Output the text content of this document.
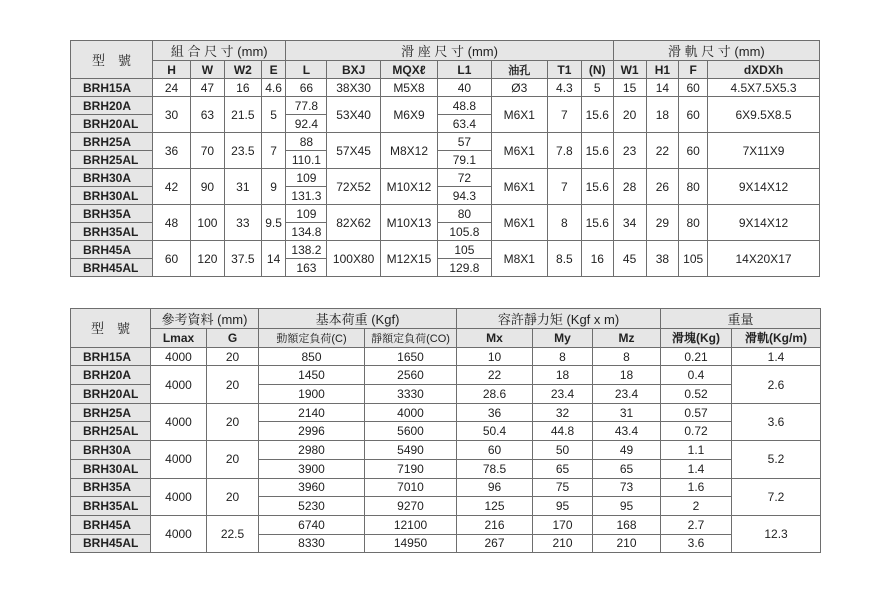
型　號	組 合 尺 寸 (mm)				滑 座 尺 寸 (mm)							滑 軌 尺 寸 (mm)			
	H	W	W2	E	L	BXJ	MQXℓ	L1	油孔	T1	(N)	W1	H1	F	dXDXh
BRH15A	24	47	16	4.6	66	38X30	M5X8	40	Ø3	4.3	5	15	14	60	4.5X7.5X5.3
BRH20A	30	63	21.5	5	77.8	53X40	M6X9	48.8	M6X1	7	15.6	20	18	60	6X9.5X8.5
BRH20AL					92.4			63.4							
BRH25A	36	70	23.5	7	88	57X45	M8X12	57	M6X1	7.8	15.6	23	22	60	7X11X9
BRH25AL					110.1			79.1							
BRH30A	42	90	31	9	109	72X52	M10X12	72	M6X1	7	15.6	28	26	80	9X14X12
BRH30AL					131.3			94.3							
BRH35A	48	100	33	9.5	109	82X62	M10X13	80	M6X1	8	15.6	34	29	80	9X14X12
BRH35AL					134.8			105.8							
BRH45A	60	120	37.5	14	138.2	100X80	M12X15	105	M8X1	8.5	16	45	38	105	14X20X17
BRH45AL					163			129.8							
型　號	參考資料 (mm)		基本荷重 (Kgf)		容許靜力矩 (Kgf x m)			重量	
	Lmax	G	動額定負荷(C)	靜額定負荷(CO)	Mx	My	Mz	滑塊(Kg)	滑軌(Kg/m)
BRH15A	4000	20	850	1650	10	8	8	0.21	1.4
BRH20A	4000	20	1450	2560	22	18	18	0.4	2.6
BRH20AL			1900	3330	28.6	23.4	23.4	0.52	
BRH25A	4000	20	2140	4000	36	32	31	0.57	3.6
BRH25AL			2996	5600	50.4	44.8	43.4	0.72	
BRH30A	4000	20	2980	5490	60	50	49	1.1	5.2
BRH30AL			3900	7190	78.5	65	65	1.4	
BRH35A	4000	20	3960	7010	96	75	73	1.6	7.2
BRH35AL			5230	9270	125	95	95	2	
BRH45A	4000	22.5	6740	12100	216	170	168	2.7	12.3
BRH45AL			8330	14950	267	210	210	3.6	
